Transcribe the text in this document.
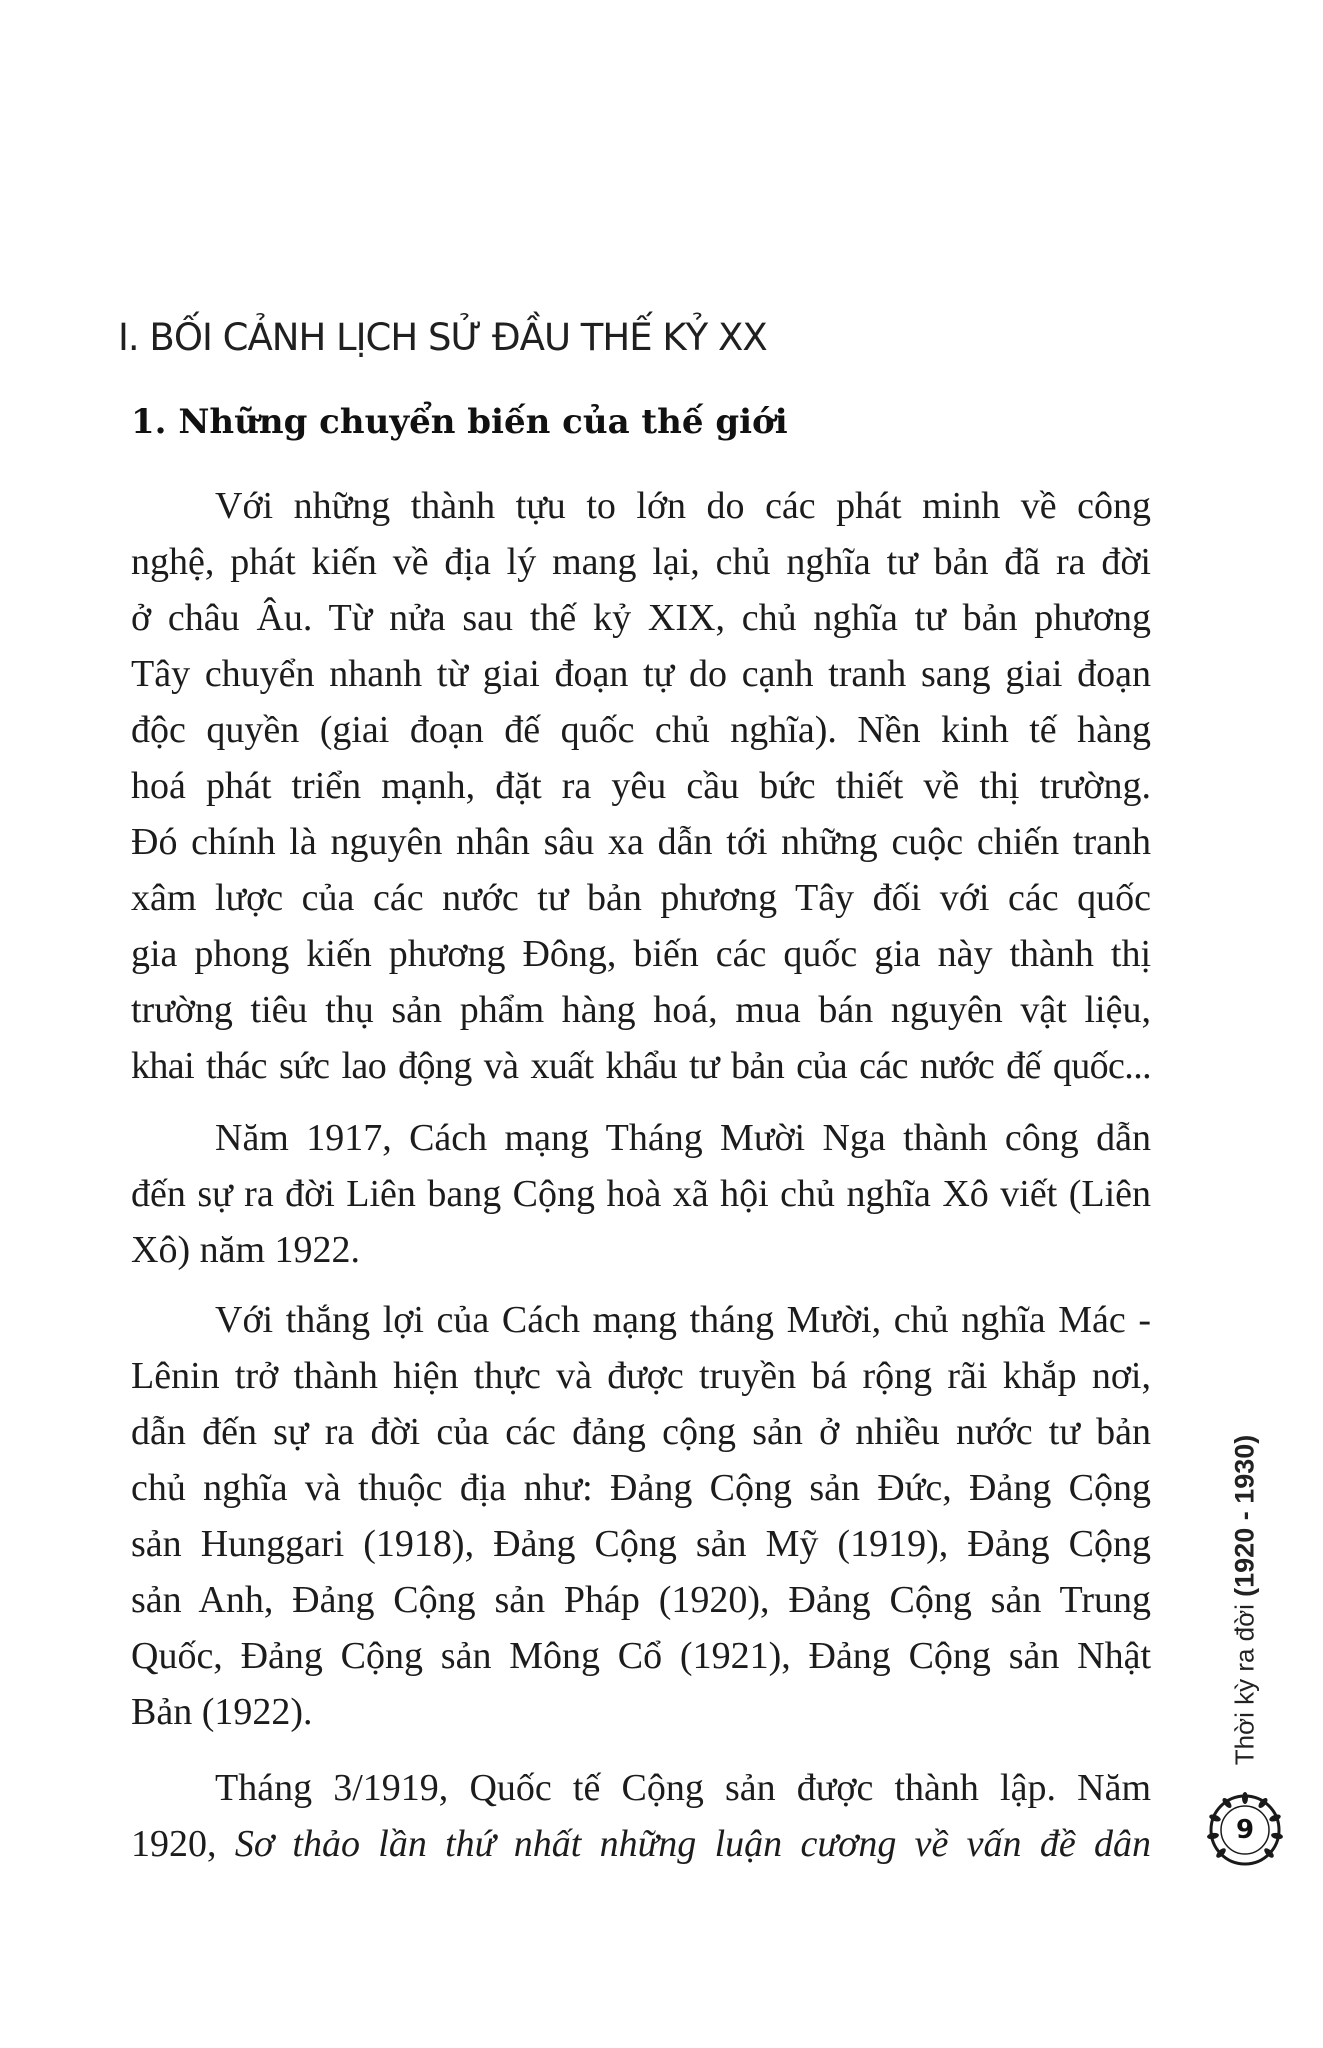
I. BỐI CẢNH LỊCH SỬ ĐẦU THẾ KỶ XX
1. Những chuyển biến của thế giới

Với những thành tựu to lớn do các phát minh về công
nghệ, phát kiến về địa lý mang lại, chủ nghĩa tư bản đã ra đời
ở châu Âu. Từ nửa sau thế kỷ XIX, chủ nghĩa tư bản phương
Tây chuyển nhanh từ giai đoạn tự do cạnh tranh sang giai đoạn
độc quyền (giai đoạn đế quốc chủ nghĩa). Nền kinh tế hàng
hoá phát triển mạnh, đặt ra yêu cầu bức thiết về thị trường.
Đó chính là nguyên nhân sâu xa dẫn tới những cuộc chiến tranh
xâm lược của các nước tư bản phương Tây đối với các quốc
gia phong kiến phương Đông, biến các quốc gia này thành thị
trường tiêu thụ sản phẩm hàng hoá, mua bán nguyên vật liệu,
khai thác sức lao động và xuất khẩu tư bản của các nước đế quốc...

Năm 1917, Cách mạng Tháng Mười Nga thành công dẫn
đến sự ra đời Liên bang Cộng hoà xã hội chủ nghĩa Xô viết (Liên
Xô) năm 1922.

Với thắng lợi của Cách mạng tháng Mười, chủ nghĩa Mác -
Lênin trở thành hiện thực và được truyền bá rộng rãi khắp nơi,
dẫn đến sự ra đời của các đảng cộng sản ở nhiều nước tư bản
chủ nghĩa và thuộc địa như: Đảng Cộng sản Đức, Đảng Cộng
sản Hunggari (1918), Đảng Cộng sản Mỹ (1919), Đảng Cộng
sản Anh, Đảng Cộng sản Pháp (1920), Đảng Cộng sản Trung
Quốc, Đảng Cộng sản Mông Cổ (1921), Đảng Cộng sản Nhật
Bản (1922).

Tháng 3/1919, Quốc tế Cộng sản được thành lập. Năm
1920, Sơ thảo lần thứ nhất những luận cương về vấn đề dân

Thời kỳ ra đời (1920 - 1930)
9
